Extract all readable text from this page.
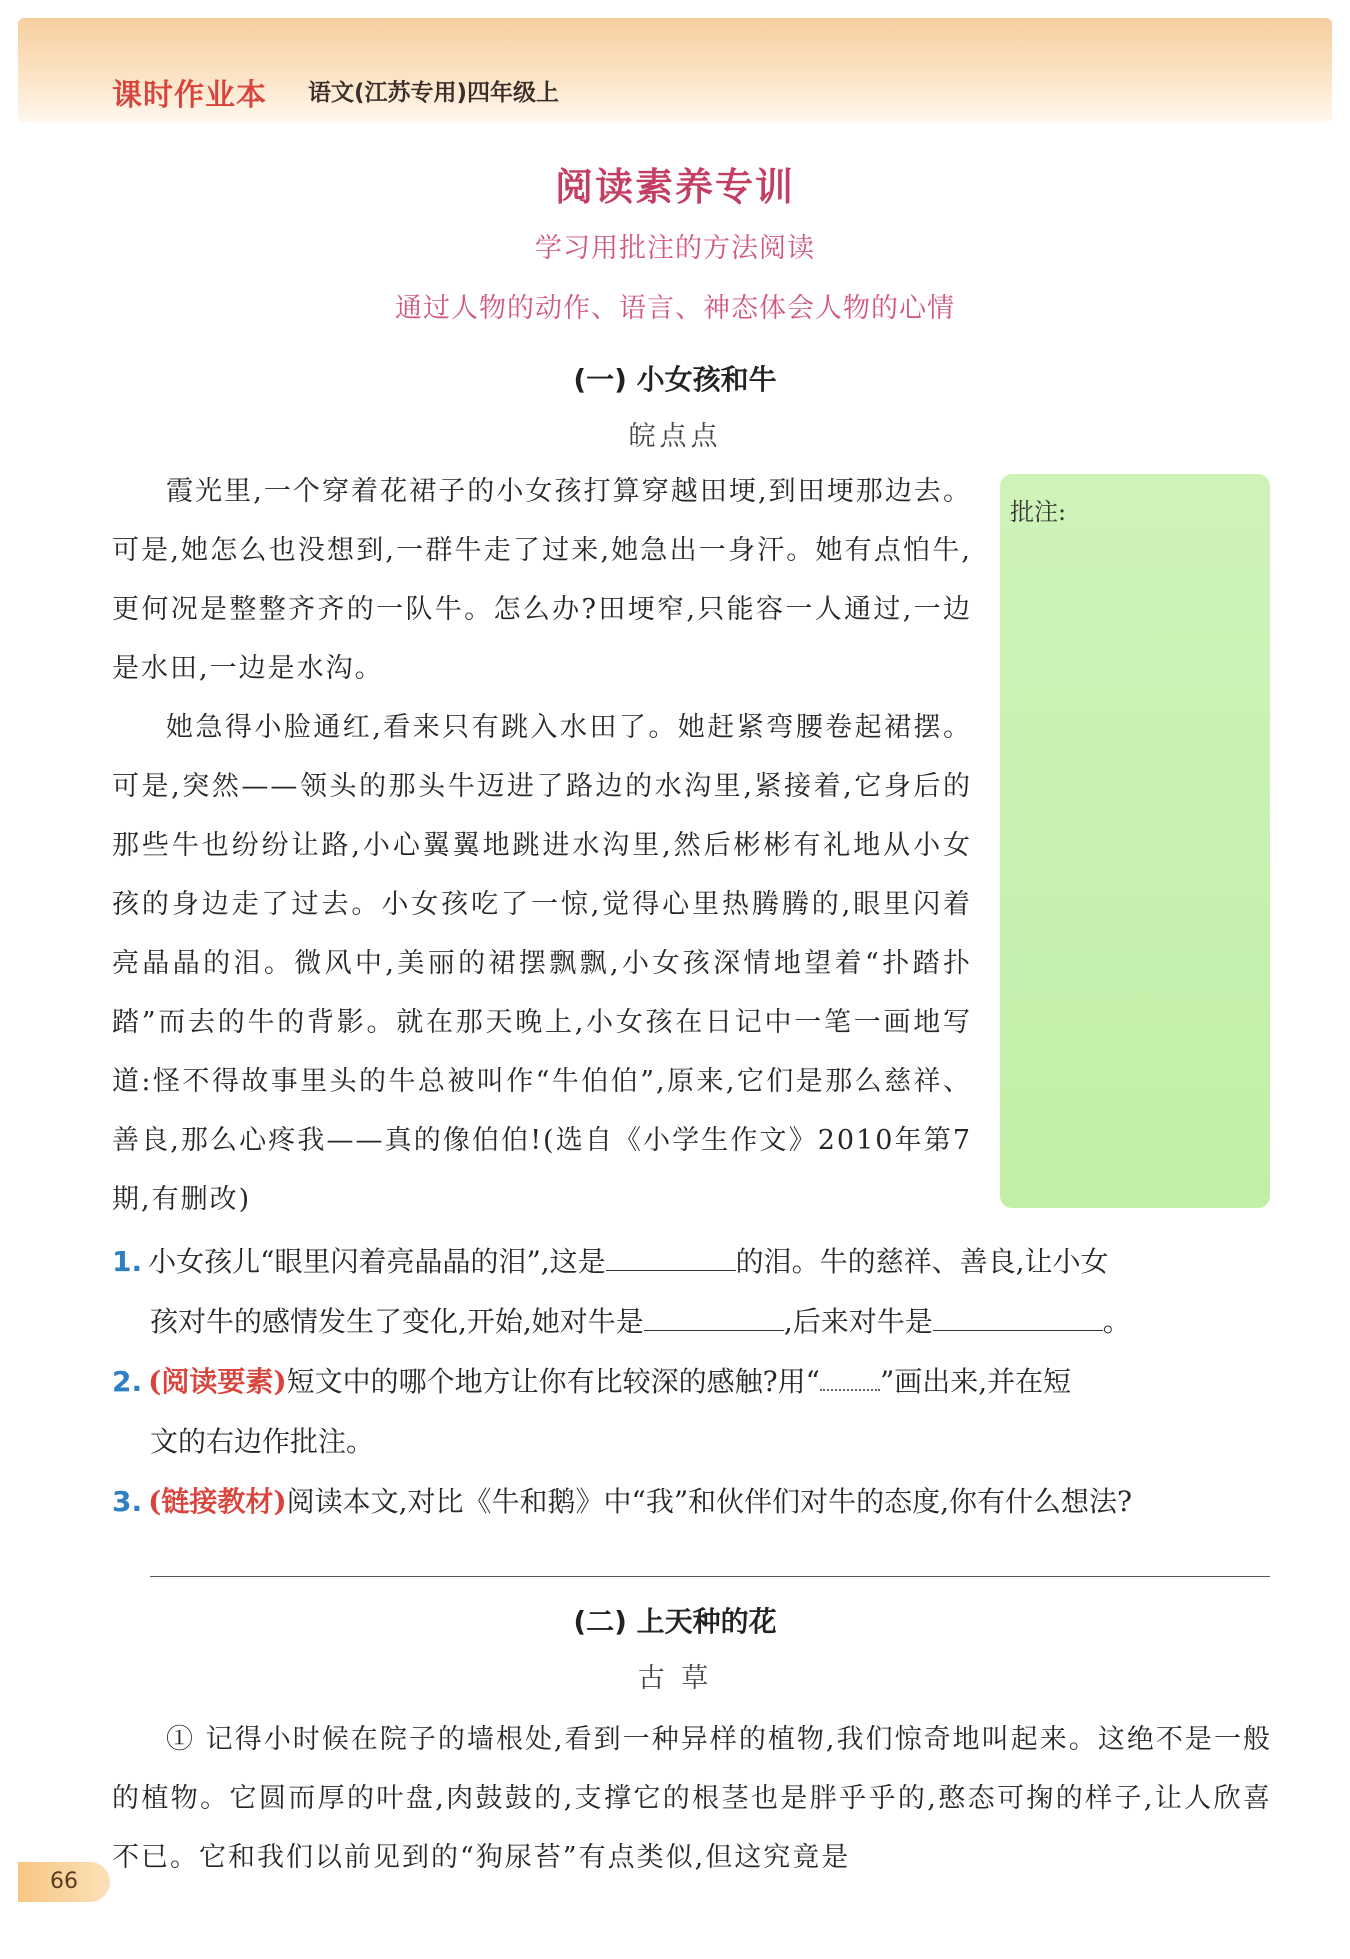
课时作业本 语文(江苏专用)四年级上
阅读素养专训
学习用批注的方法阅读
通过人物的动作、语言、神态体会人物的心情
(一) 小女孩和牛
皖点点
批注:

霞光里,一个穿着花裙子的小女孩打算穿越田埂,到田埂那边去。可是,她怎么也没想到,一群牛走了过来,她急出一身汗。她有点怕牛,更何况是整整齐齐的一队牛。怎么办?田埂窄,只能容一人通过,一边是水田,一边是水沟。

她急得小脸通红,看来只有跳入水田了。她赶紧弯腰卷起裙摆。可是,突然——领头的那头牛迈进了路边的水沟里,紧接着,它身后的那些牛也纷纷让路,小心翼翼地跳进水沟里,然后彬彬有礼地从小女孩的身边走了过去。小女孩吃了一惊,觉得心里热腾腾的,眼里闪着亮晶晶的泪。微风中,美丽的裙摆飘飘,小女孩深情地望着“扑踏扑踏”而去的牛的背影。就在那天晚上,小女孩在日记中一笔一画地写道:怪不得故事里头的牛总被叫作“牛伯伯”,原来,它们是那么慈祥、善良,那么心疼我——真的像伯伯!(选自《小学生作文》2010年第7期,有删改)

1. 小女孩儿“眼里闪着亮晶晶的泪”,这是	的泪。牛的慈祥、善良,让小女
孩对牛的感情发生了变化,开始,她对牛是	,后来对牛是	。
2. (阅读要素)短文中的哪个地方让你有比较深的感触?用“ ”画出来,并在短
文的右边作批注。
3. (链接教材)阅读本文,对比《牛和鹅》中“我”和伙伴们对牛的态度,你有什么想法?
(二) 上天种的花
古 草

① 记得小时候在院子的墙根处,看到一种异样的植物,我们惊奇地叫起来。这绝不是一般的植物。它圆而厚的叶盘,肉鼓鼓的,支撑它的根茎也是胖乎乎的,憨态可掬的样子,让人欣喜不已。它和我们以前见到的“狗尿苔”有点类似,但这究竟是

66
